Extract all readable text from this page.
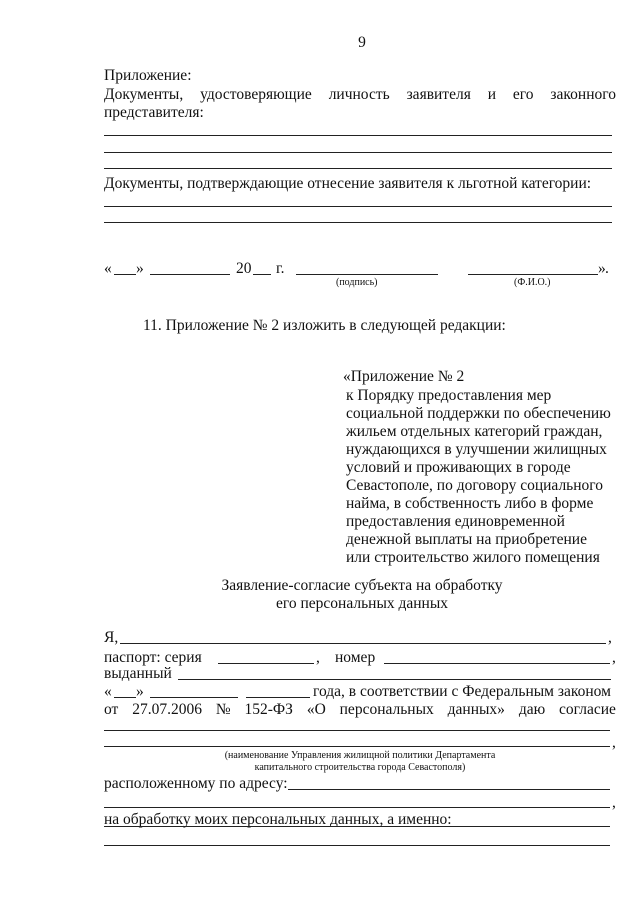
9
Приложение:
Документы, удостоверяющие личность заявителя и его законного
представителя:
Документы, подтверждающие отнесение заявителя к льготной категории:
« »	20 г.	» .
(подпись)	(Ф.И.О.)
11. Приложение № 2 изложить в следующей редакции:
«Приложение № 2
к Порядку предоставления мер
социальной поддержки по обеспечению
жильем отдельных категорий граждан,
нуждающихся в улучшении жилищных
условий и проживающих в городе
Севастополе, по договору социального
найма, в собственность либо в форме
предоставления единовременной
денежной выплаты на приобретение
или строительство жилого помещения
Заявление-согласие субъекта на обработку
его персональных данных
Я,	,
паспорт: серия	, номер	,
выданный
« »	года, в соответствии с Федеральным законом
от 27.07.2006 № 152-ФЗ «О персональных данных» даю согласие
,
(наименование Управления жилищной политики Департамента
капитального строительства города Севастополя)
расположенному по адресу:
,
на обработку моих персональных данных, а именно:
